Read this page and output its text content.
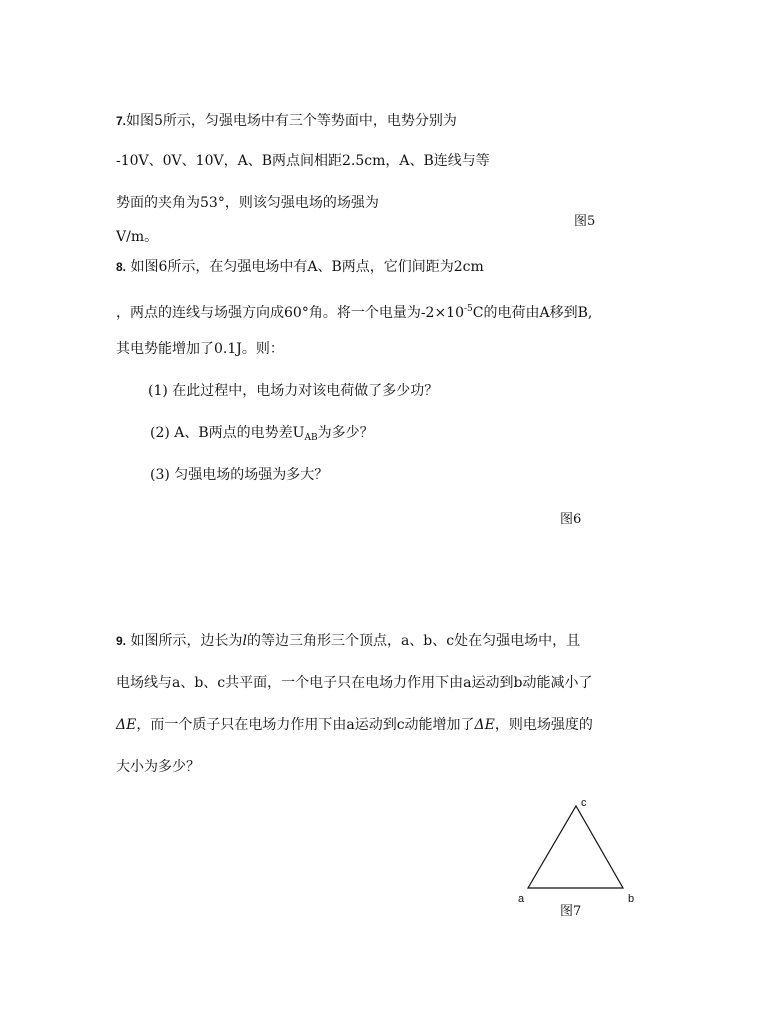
7.如图5所示，匀强电场中有三个等势面中，电势分别为
-10V、0V、10V，A、B两点间相距2.5cm，A、B连线与等
势面的夹角为53°，则该匀强电场的场强为
V/m。
图5
8. 如图6所示，在匀强电场中有A、B两点，它们间距为2cm
，两点的连线与场强方向成60°角。将一个电量为$-2\times 10^{-5}C$的电荷由A移到B,
其电势能增加了0.1J。则：
(1) 在此过程中，电场力对该电荷做了多少功？
(2) A、B两点的电势差$U_{AB}$为多少？
(3) 匀强电场的场强为多大？
图6
9. 如图所示，边长为l的等边三角形三个顶点，a、b、c处在匀强电场中，且
电场线与a、b、c共平面，一个电子只在电场力作用下由a运动到b动能减小了
ΔE，而一个质子只在电场力作用下由a运动到c动能增加了ΔE，则电场强度的
大小为多少？
a	b
c
图7
